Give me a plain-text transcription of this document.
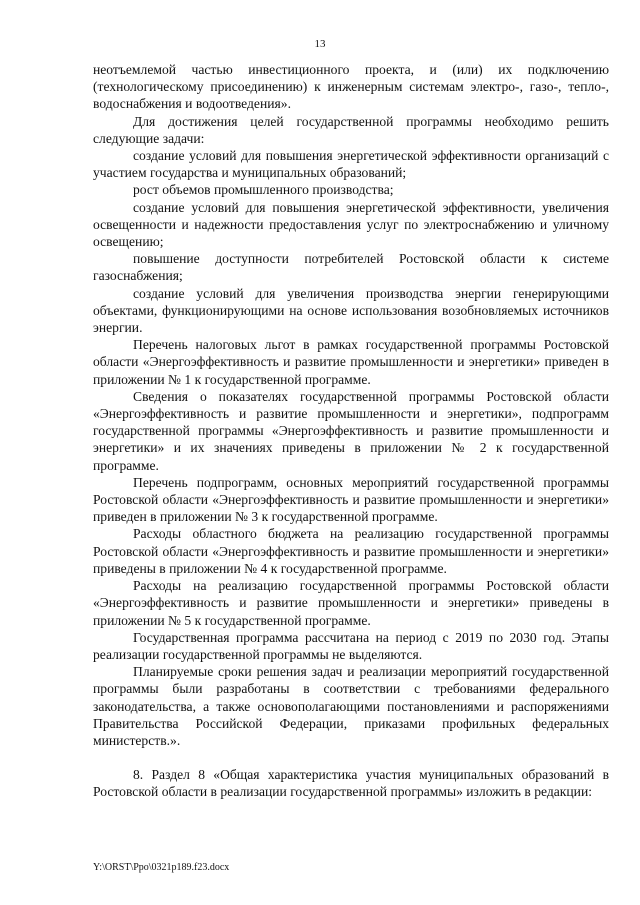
13

неотъемлемой частью инвестиционного проекта, и (или) их подключению (технологическому присоединению) к инженерным системам электро-, газо-, тепло-, водоснабжения и водоотведения».

Для достижения целей государственной программы необходимо решить следующие задачи:

создание условий для повышения энергетической эффективности организаций с участием государства и муниципальных образований;

рост объемов промышленного производства;

создание условий для повышения энергетической эффективности, увеличения освещенности и надежности предоставления услуг по электроснабжению и уличному освещению;

повышение доступности потребителей Ростовской области к системе газоснабжения;

создание условий для увеличения производства энергии генерирующими объектами, функционирующими на основе использования возобновляемых источников энергии.

Перечень налоговых льгот в рамках государственной программы Ростовской области «Энергоэффективность и развитие промышленности и энергетики» приведен в приложении № 1 к государственной программе.

Сведения о показателях государственной программы Ростовской области «Энергоэффективность и развитие промышленности и энергетики», подпрограмм государственной программы «Энергоэффективность и развитие промышленности и энергетики» и их значениях приведены в приложении № 2 к государственной программе.

Перечень подпрограмм, основных мероприятий государственной программы Ростовской области «Энергоэффективность и развитие промышленности и энергетики» приведен в приложении № 3 к государственной программе.

Расходы областного бюджета на реализацию государственной программы Ростовской области «Энергоэффективность и развитие промышленности и энергетики» приведены в приложении № 4 к государственной программе.

Расходы на реализацию государственной программы Ростовской области «Энергоэффективность и развитие промышленности и энергетики» приведены в приложении № 5 к государственной программе.

Государственная программа рассчитана на период с 2019 по 2030 год. Этапы реализации государственной программы не выделяются.

Планируемые сроки решения задач и реализации мероприятий государственной программы были разработаны в соответствии с требованиями федерального законодательства, а также основополагающими постановлениями и распоряжениями Правительства Российской Федерации, приказами профильных федеральных министерств.».

8. Раздел 8 «Общая характеристика участия муниципальных образований в Ростовской области в реализации государственной программы» изложить в редакции:

Y:\ORST\Ppo\0321p189.f23.docx
